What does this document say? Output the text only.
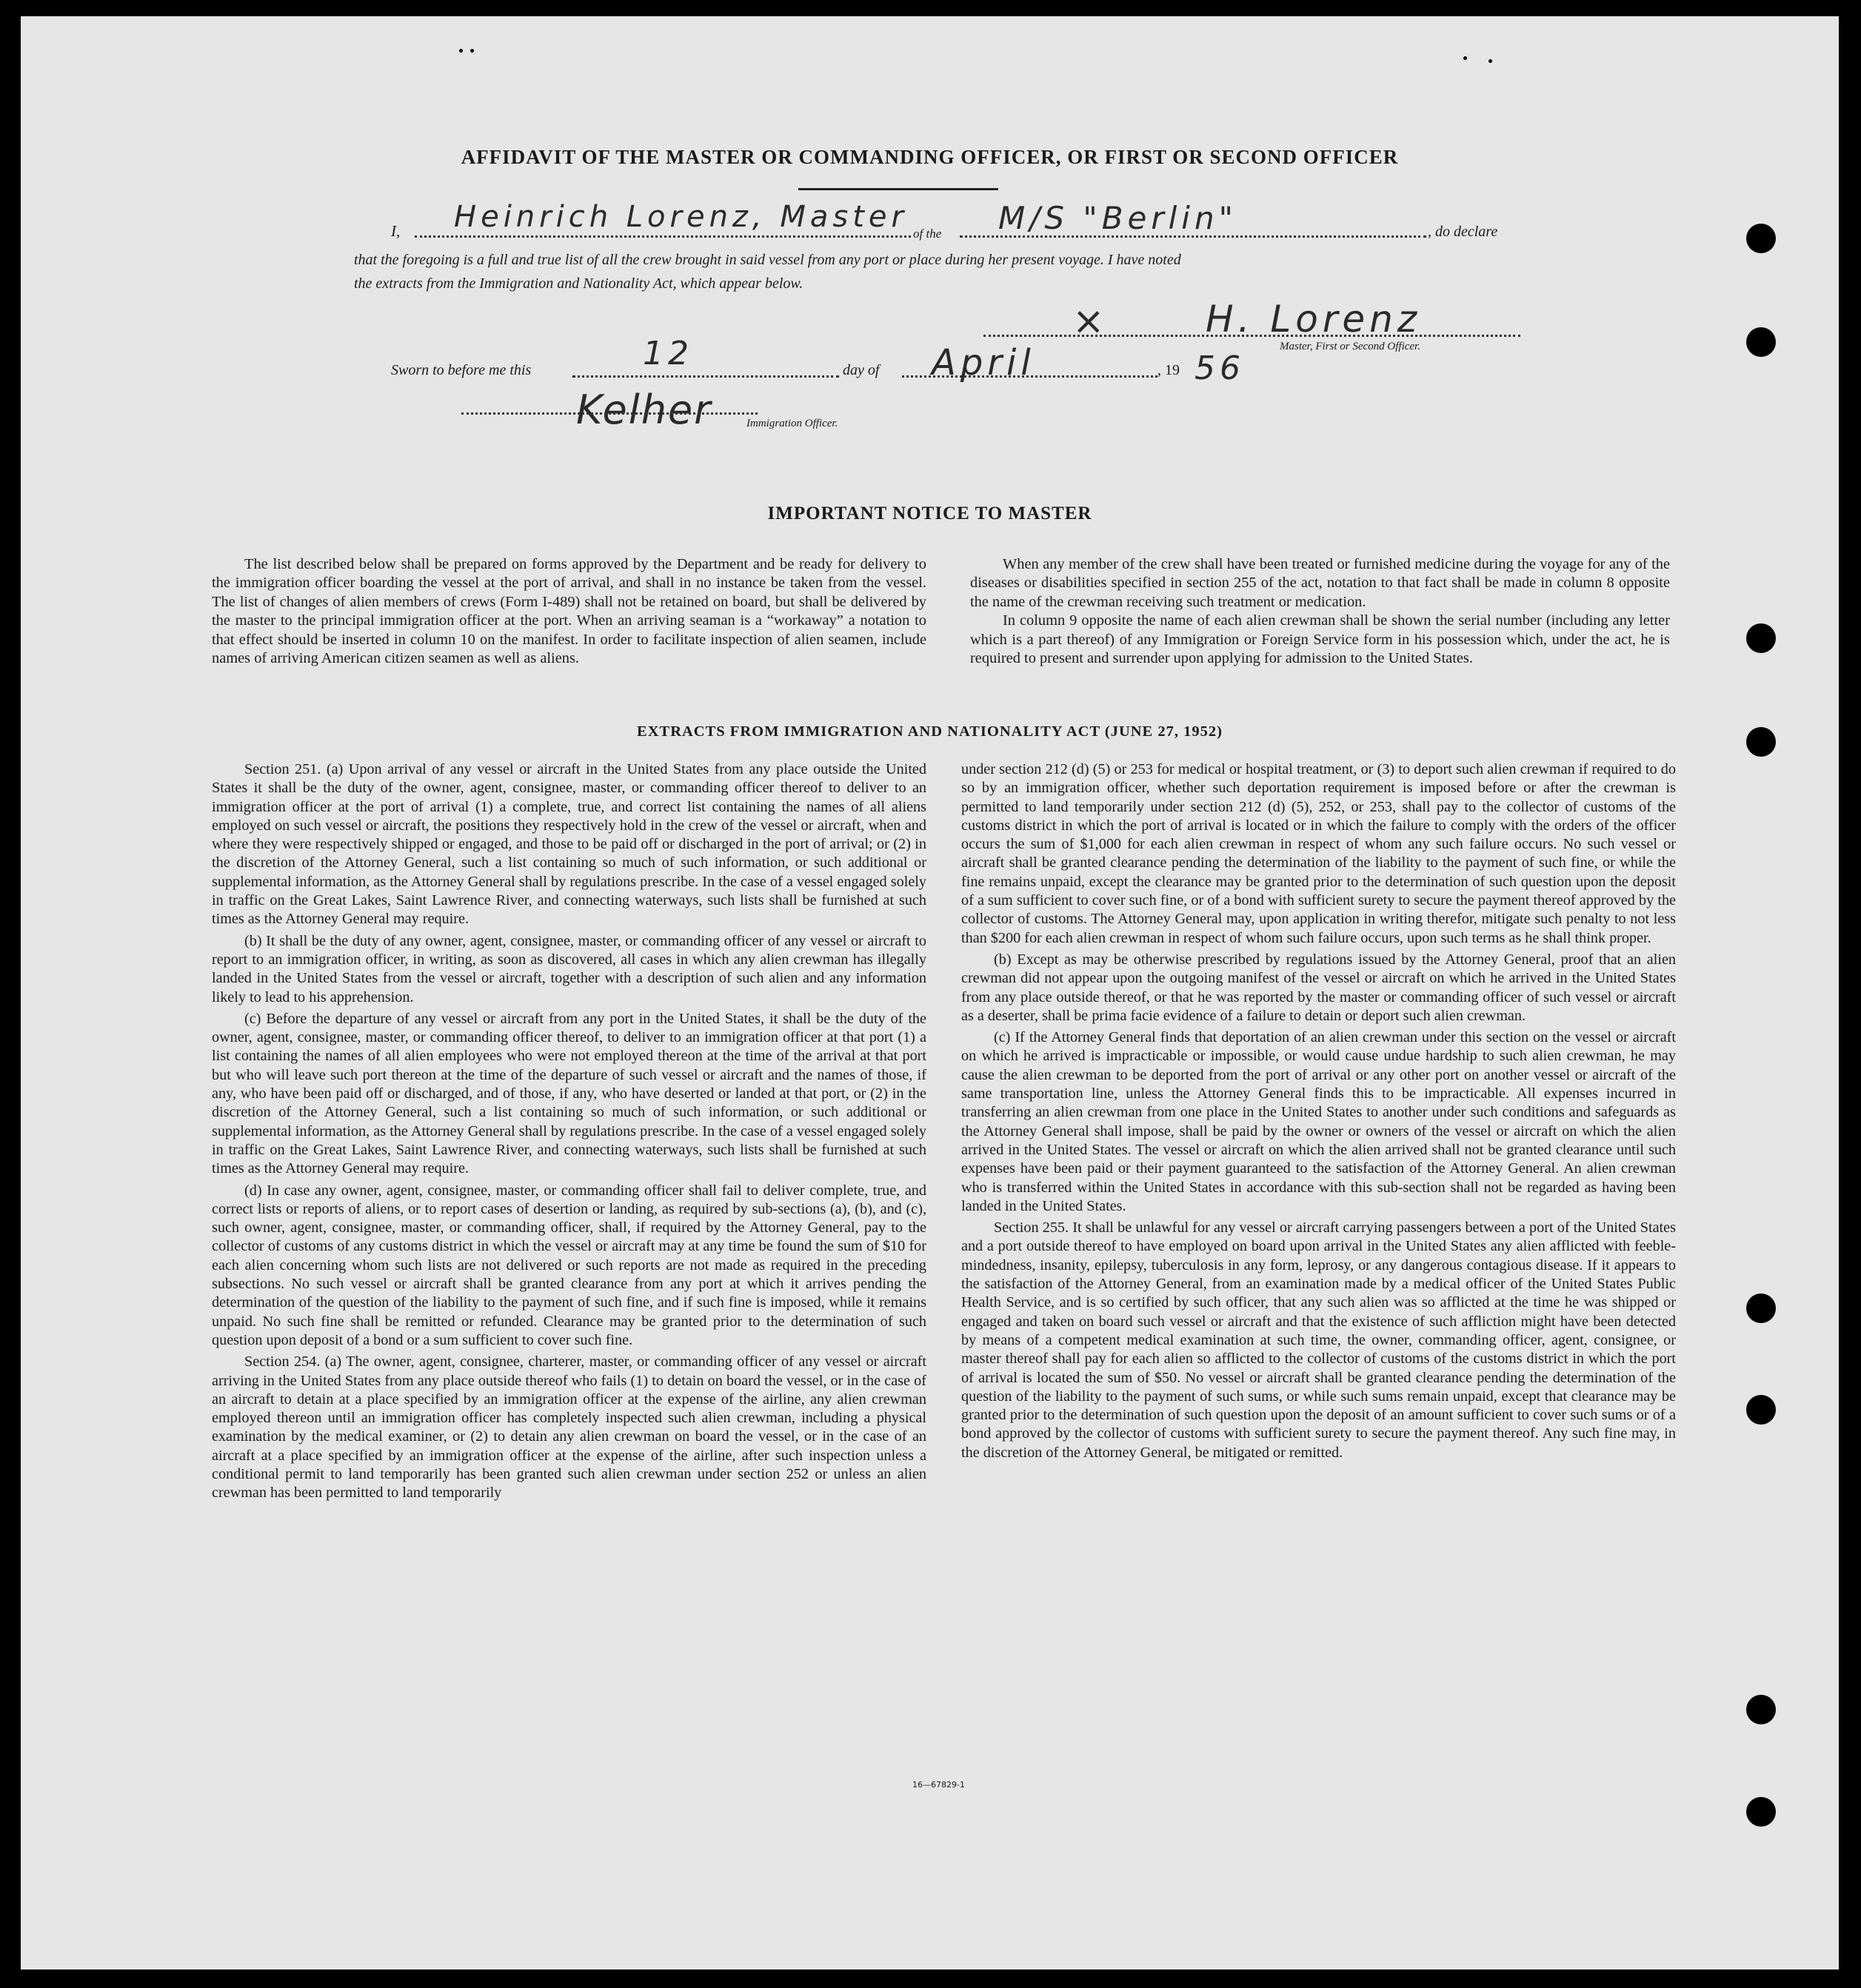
AFFIDAVIT OF THE MASTER OR COMMANDING OFFICER, OR FIRST OR SECOND OFFICER
I, Heinrich Lorenz, Master of the M/S "Berlin"	, do declare
that the foregoing is a full and true list of all the crew brought in said vessel from any port or place during her present voyage. I have noted
the extracts from the Immigration and Nationality Act, which appear below.
×	H. Lorenz
Master, First or Second Officer.
Sworn to before me this	12	day of April	, 19 56
Kelher	Immigration Officer.
IMPORTANT NOTICE TO MASTER

The list described below shall be prepared on forms approved by the Department and be ready for delivery to the immigration officer boarding the vessel at the port of arrival, and shall in no instance be taken from the vessel. The list of changes of alien members of crews (Form I-489) shall not be retained on board, but shall be delivered by the master to the principal immigration officer at the port. When an arriving seaman is a “workaway” a notation to that effect should be inserted in column 10 on the manifest. In order to facilitate inspection of alien seamen, include names of arriving American citizen seamen as well as aliens.

When any member of the crew shall have been treated or furnished medicine during the voyage for any of the diseases or disabilities specified in section 255 of the act, notation to that fact shall be made in column 8 opposite the name of the crewman receiving such treatment or medication.

In column 9 opposite the name of each alien crewman shall be shown the serial number (including any letter which is a part thereof) of any Immigration or Foreign Service form in his possession which, under the act, he is required to present and surrender upon applying for admission to the United States.

EXTRACTS FROM IMMIGRATION AND NATIONALITY ACT (JUNE 27, 1952)

Section 251. (a) Upon arrival of any vessel or aircraft in the United States from any place outside the United States it shall be the duty of the owner, agent, consignee, master, or commanding officer thereof to deliver to an immigration officer at the port of arrival (1) a complete, true, and correct list containing the names of all aliens employed on such vessel or aircraft, the positions they respectively hold in the crew of the vessel or aircraft, when and where they were respectively shipped or engaged, and those to be paid off or discharged in the port of arrival; or (2) in the discretion of the Attorney General, such a list containing so much of such information, or such additional or supplemental information, as the Attorney General shall by regulations prescribe. In the case of a vessel engaged solely in traffic on the Great Lakes, Saint Lawrence River, and connecting waterways, such lists shall be furnished at such times as the Attorney General may require.

(b) It shall be the duty of any owner, agent, consignee, master, or commanding officer of any vessel or aircraft to report to an immigration officer, in writing, as soon as discovered, all cases in which any alien crewman has illegally landed in the United States from the vessel or aircraft, together with a description of such alien and any information likely to lead to his apprehension.

(c) Before the departure of any vessel or aircraft from any port in the United States, it shall be the duty of the owner, agent, consignee, master, or commanding officer thereof, to deliver to an immigration officer at that port (1) a list containing the names of all alien employees who were not employed thereon at the time of the arrival at that port but who will leave such port thereon at the time of the departure of such vessel or aircraft and the names of those, if any, who have been paid off or discharged, and of those, if any, who have deserted or landed at that port, or (2) in the discretion of the Attorney General, such a list containing so much of such information, or such additional or supplemental information, as the Attorney General shall by regulations prescribe. In the case of a vessel engaged solely in traffic on the Great Lakes, Saint Lawrence River, and connecting waterways, such lists shall be furnished at such times as the Attorney General may require.

(d) In case any owner, agent, consignee, master, or commanding officer shall fail to deliver complete, true, and correct lists or reports of aliens, or to report cases of desertion or landing, as required by sub-sections (a), (b), and (c), such owner, agent, consignee, master, or commanding officer, shall, if required by the Attorney General, pay to the collector of customs of any customs district in which the vessel or aircraft may at any time be found the sum of $10 for each alien concerning whom such lists are not delivered or such reports are not made as required in the preceding subsections. No such vessel or aircraft shall be granted clearance from any port at which it arrives pending the determination of the question of the liability to the payment of such fine, and if such fine is imposed, while it remains unpaid. No such fine shall be remitted or refunded. Clearance may be granted prior to the determination of such question upon deposit of a bond or a sum sufficient to cover such fine.

Section 254. (a) The owner, agent, consignee, charterer, master, or commanding officer of any vessel or aircraft arriving in the United States from any place outside thereof who fails (1) to detain on board the vessel, or in the case of an aircraft to detain at a place specified by an immigration officer at the expense of the airline, any alien crewman employed thereon until an immigration officer has completely inspected such alien crewman, including a physical examination by the medical examiner, or (2) to detain any alien crewman on board the vessel, or in the case of an aircraft at a place specified by an immigration officer at the expense of the airline, after such inspection unless a conditional permit to land temporarily has been granted such alien crewman under section 252 or unless an alien crewman has been permitted to land temporarily

under section 212 (d) (5) or 253 for medical or hospital treatment, or (3) to deport such alien crewman if required to do so by an immigration officer, whether such deportation requirement is imposed before or after the crewman is permitted to land temporarily under section 212 (d) (5), 252, or 253, shall pay to the collector of customs of the customs district in which the port of arrival is located or in which the failure to comply with the orders of the officer occurs the sum of $1,000 for each alien crewman in respect of whom any such failure occurs. No such vessel or aircraft shall be granted clearance pending the determination of the liability to the payment of such fine, or while the fine remains unpaid, except the clearance may be granted prior to the determination of such question upon the deposit of a sum sufficient to cover such fine, or of a bond with sufficient surety to secure the payment thereof approved by the collector of customs. The Attorney General may, upon application in writing therefor, mitigate such penalty to not less than $200 for each alien crewman in respect of whom such failure occurs, upon such terms as he shall think proper.

(b) Except as may be otherwise prescribed by regulations issued by the Attorney General, proof that an alien crewman did not appear upon the outgoing manifest of the vessel or aircraft on which he arrived in the United States from any place outside thereof, or that he was reported by the master or commanding officer of such vessel or aircraft as a deserter, shall be prima facie evidence of a failure to detain or deport such alien crewman.

(c) If the Attorney General finds that deportation of an alien crewman under this section on the vessel or aircraft on which he arrived is impracticable or impossible, or would cause undue hardship to such alien crewman, he may cause the alien crewman to be deported from the port of arrival or any other port on another vessel or aircraft of the same transportation line, unless the Attorney General finds this to be impracticable. All expenses incurred in transferring an alien crewman from one place in the United States to another under such conditions and safeguards as the Attorney General shall impose, shall be paid by the owner or owners of the vessel or aircraft on which the alien arrived in the United States. The vessel or aircraft on which the alien arrived shall not be granted clearance until such expenses have been paid or their payment guaranteed to the satisfaction of the Attorney General. An alien crewman who is transferred within the United States in accordance with this sub-section shall not be regarded as having been landed in the United States.

Section 255. It shall be unlawful for any vessel or aircraft carrying passengers between a port of the United States and a port outside thereof to have employed on board upon arrival in the United States any alien afflicted with feeble-mindedness, insanity, epilepsy, tuberculosis in any form, leprosy, or any dangerous contagious disease. If it appears to the satisfaction of the Attorney General, from an examination made by a medical officer of the United States Public Health Service, and is so certified by such officer, that any such alien was so afflicted at the time he was shipped or engaged and taken on board such vessel or aircraft and that the existence of such affliction might have been detected by means of a competent medical examination at such time, the owner, commanding officer, agent, consignee, or master thereof shall pay for each alien so afflicted to the collector of customs of the customs district in which the port of arrival is located the sum of $50. No vessel or aircraft shall be granted clearance pending the determination of the question of the liability to the payment of such sums, or while such sums remain unpaid, except that clearance may be granted prior to the determination of such question upon the deposit of an amount sufficient to cover such sums or of a bond approved by the collector of customs with sufficient surety to secure the payment thereof. Any such fine may, in the discretion of the Attorney General, be mitigated or remitted.

16—67829-1
